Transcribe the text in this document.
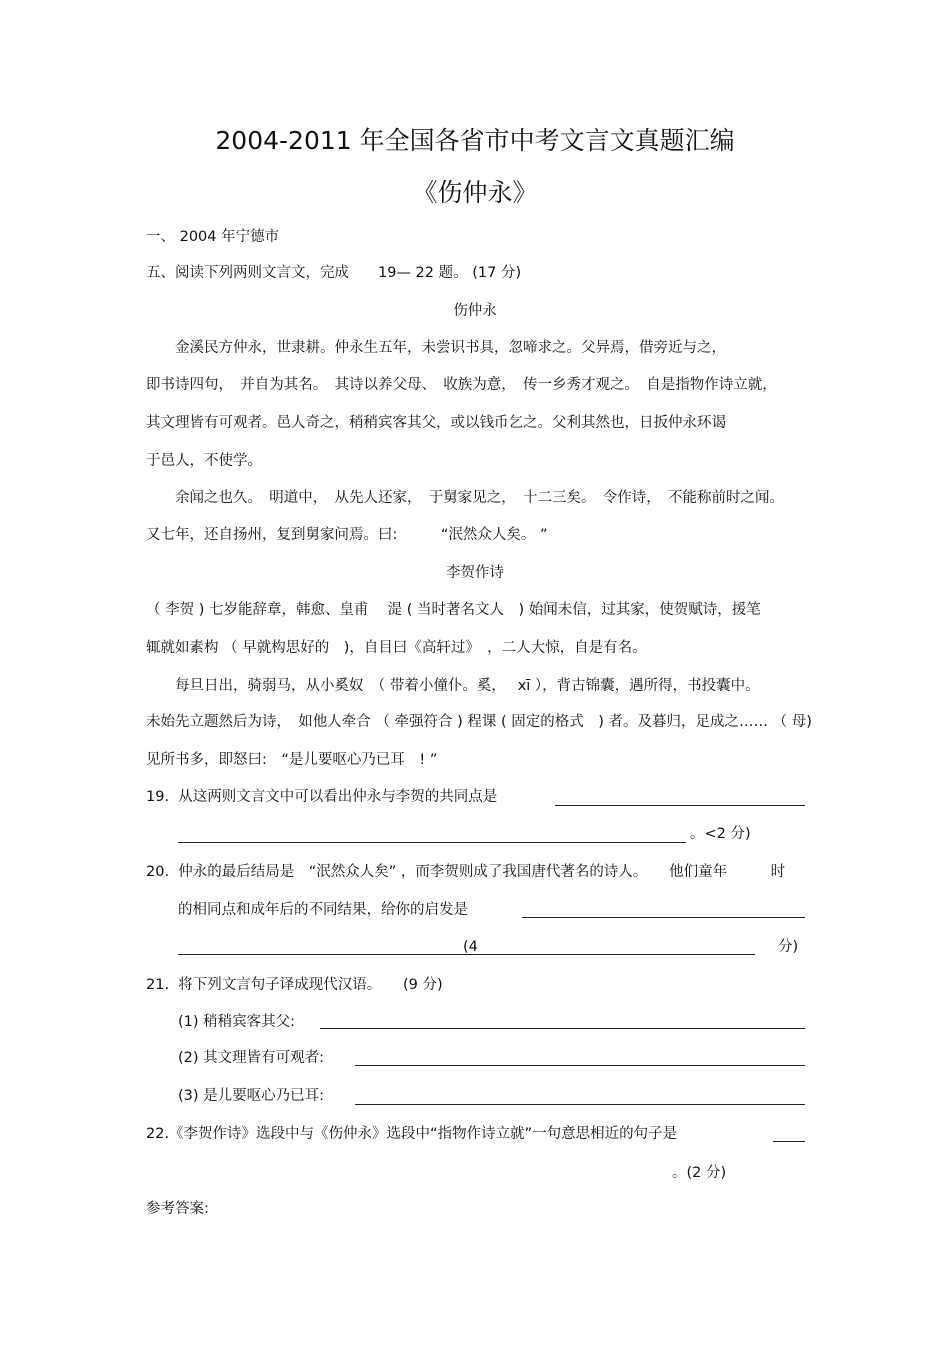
2004-2011 年全国各省市中考文言文真题汇编
《伤仲永》
一、 2004 年宁德市
五、阅读下列两则文言文，完成　　19— 22 题。 (17 分)
伤仲永
　　金溪民方仲永，世隶耕。仲永生五年，未尝识书具，忽啼求之。父异焉，借旁近与之，
即书诗四句，　并自为其名。　其诗以养父母、　收族为意，　传一乡秀才观之。　自是指物作诗立就，
其文理皆有可观者。邑人奇之，稍稍宾客其父，或以钱币乞之。父利其然也，日扳仲永环谒
于邑人，不使学。
　　余闻之也久。　明道中，　从先人还家，　于舅家见之，　十二三矣。　令作诗，　不能称前时之闻。
又七年，还自扬州，复到舅家问焉。曰:　　　“泯然众人矣。 ”
李贺作诗
（ 李贺 ) 七岁能辞章，韩愈、皇甫　 湜 ( 当时著名文人　) 始闻未信，过其家，使贺赋诗，援笔
辄就如素构 （ 早就构思好的　)，自目曰《高轩过》　，二人大惊，自是有名。
　　每旦日出，骑弱马，从小奚奴　（ 带着小僮仆。奚，　 xī ），背古锦囊，遇所得，书投囊中。
未始先立题然后为诗，　如他人牵合 （ 牵强符合 ) 程课 ( 固定的格式　) 者。及暮归，足成之…… （ 母)
见所书多，即怒曰:　“是儿要呕心乃已耳　! ”
19.  从这两则文言文中可以看出仲永与李贺的共同点是
。<2 分)
20.  仲永的最后结局是　“泯然众人矣” ，而李贺则成了我国唐代著名的诗人。　　他们童年　　　时
的相同点和成年后的不同结果，给你的启发是
(4	分)
21.  将下列文言句子译成现代汉语。　　(9 分)
(1) 稍稍宾客其父:
(2) 其文理皆有可观者:
(3) 是儿要呕心乃已耳:
22.《李贺作诗》选段中与《伤仲永》选段中“指物作诗立就”一句意思相近的句子是
。(2 分)
参考答案:
